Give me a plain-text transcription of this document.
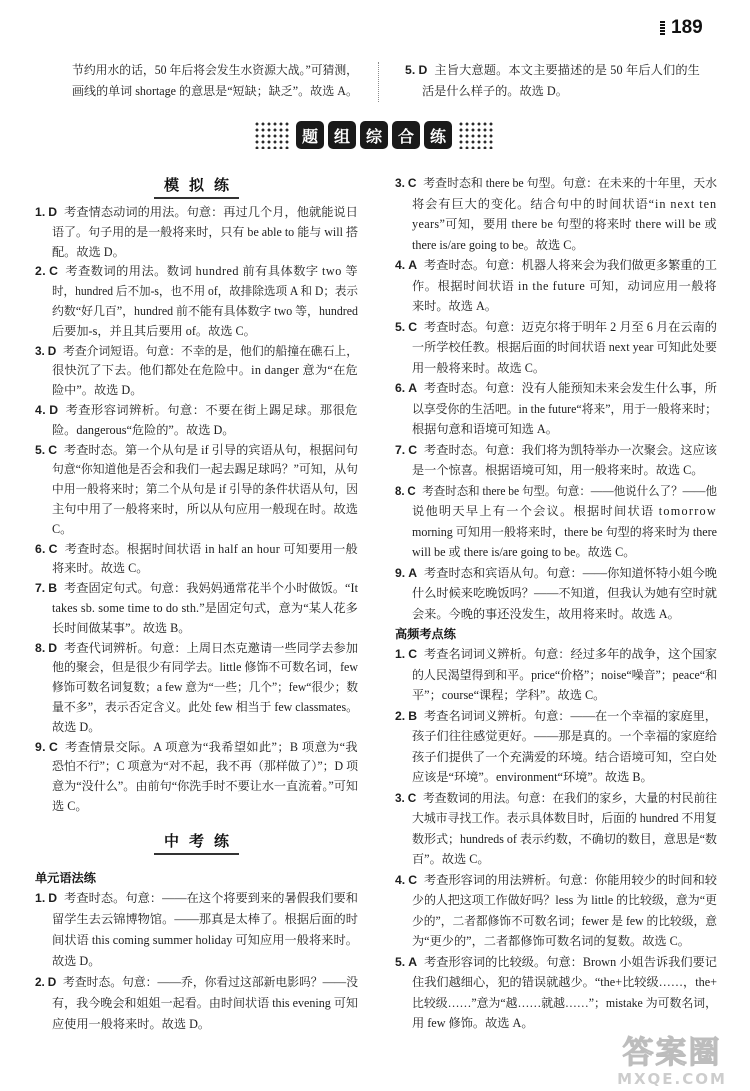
189
节约用水的话，50 年后将会发生水资源大战。”可猜测，
画线的单词 shortage 的意思是“短缺；缺乏”。故选 A。
5. D 主旨大意题。本文主要描述的是 50 年后人们的生
活是什么样子的。故选 D。
题 组 综 合 练
模拟练
1. D 考查情态动词的用法。句意：再过几个月，他就能说日
语了。句子用的是一般将来时，只有 be able to 能与 will 搭
配。故选 D。
2. C 考查数词的用法。数词 hundred 前有具体数字 two 等
时，hundred 后不加-s，也不用 of，故排除选项 A 和 D；表示
约数“好几百”，hundred 前不能有具体数字 two 等，hundred
后要加-s，并且其后要用 of。故选 C。
3. D 考查介词短语。句意：不幸的是，他们的船撞在礁石上，
很快沉了下去。他们都处在危险中。in danger 意为“在危
险中”。故选 D。
4. D 考查形容词辨析。句意：不要在街上踢足球。那很危
险。dangerous“危险的”。故选 D。
5. C 考查时态。第一个从句是 if 引导的宾语从句，根据问句
句意“你知道他是否会和我们一起去踢足球吗？”可知，从句
中用一般将来时；第二个从句是 if 引导的条件状语从句，因
主句中用了一般将来时，所以从句应用一般现在时。故选
C。
6. C 考查时态。根据时间状语 in half an hour 可知要用一般
将来时。故选 C。
7. B 考查固定句式。句意：我妈妈通常花半个小时做饭。“It
takes sb. some time to do sth.”是固定句式，意为“某人花多
长时间做某事”。故选 B。
8. D 考查代词辨析。句意：上周日杰克邀请一些同学去参加
他的聚会，但是很少有同学去。little 修饰不可数名词，few
修饰可数名词复数；a few 意为“一些；几个”；few“很少；数
量不多”，表示否定含义。此处 few 相当于 few classmates。
故选 D。
9. C 考查情景交际。A 项意为“我希望如此”；B 项意为“我
恐怕不行”；C 项意为“对不起，我不再（那样做了）”；D 项
意为“没什么”。由前句“你洗手时不要让水一直流着。”可知
选 C。
中考练
单元语法练
1. D 考查时态。句意：——在这个将要到来的暑假我们要和
留学生去云锦博物馆。——那真是太棒了。根据后面的时
间状语 this coming summer holiday 可知应用一般将来时。
故选 D。
2. D 考查时态。句意：——乔，你看过这部新电影吗？——没
有，我今晚会和姐姐一起看。由时间状语 this evening 可知
应使用一般将来时。故选 D。
3. C 考查时态和 there be 句型。句意：在未来的十年里，天水
将会有巨大的变化。结合句中的时间状语“in next ten
years”可知，要用 there be 句型的将来时 there will be 或
there is/are going to be。故选 C。
4. A 考查时态。句意：机器人将来会为我们做更多繁重的工
作。根据时间状语 in the future 可知，动词应用一般将
来时。故选 A。
5. C 考查时态。句意：迈克尔将于明年 2 月至 6 月在云南的
一所学校任教。根据后面的时间状语 next year 可知此处要
用一般将来时。故选 C。
6. A 考查时态。句意：没有人能预知未来会发生什么事，所
以享受你的生活吧。in the future“将来”，用于一般将来时；
根据句意和语境可知选 A。
7. C 考查时态。句意：我们将为凯特举办一次聚会。这应该
是一个惊喜。根据语境可知，用一般将来时。故选 C。
8. C 考查时态和 there be 句型。句意：——他说什么了？——他
说他明天早上有一个会议。根据时间状语 tomorrow
morning 可知用一般将来时，there be 句型的将来时为 there
will be 或 there is/are going to be。故选 C。
9. A 考查时态和宾语从句。句意：——你知道怀特小姐今晚
什么时候来吃晚饭吗？——不知道，但我认为她有空时就
会来。今晚的事还没发生，故用将来时。故选 A。
高频考点练
1. C 考查名词词义辨析。句意：经过多年的战争，这个国家
的人民渴望得到和平。price“价格”；noise“噪音”；peace“和
平”；course“课程；学科”。故选 C。
2. B 考查名词词义辨析。句意：——在一个幸福的家庭里，
孩子们往往感觉更好。——那是真的。一个幸福的家庭给
孩子们提供了一个充满爱的环境。结合语境可知，空白处
应该是“环境”。environment“环境”。故选 B。
3. C 考查数词的用法。句意：在我们的家乡，大量的村民前往
大城市寻找工作。表示具体数目时，后面的 hundred 不用复
数形式；hundreds of 表示约数，不确切的数目，意思是“数
百”。故选 C。
4. C 考查形容词的用法辨析。句意：你能用较少的时间和较
少的人把这项工作做好吗？less 为 little 的比较级，意为“更
少的”，二者都修饰不可数名词；fewer 是 few 的比较级，意
为“更少的”，二者都修饰可数名词的复数。故选 C。
5. A 考查形容词的比较级。句意：Brown 小姐告诉我们要记
住我们越细心，犯的错误就越少。“the+比较级……，the+
比较级……”意为“越……就越……”；mistake 为可数名词，
用 few 修饰。故选 A。
答案圈
MXQE.COM
